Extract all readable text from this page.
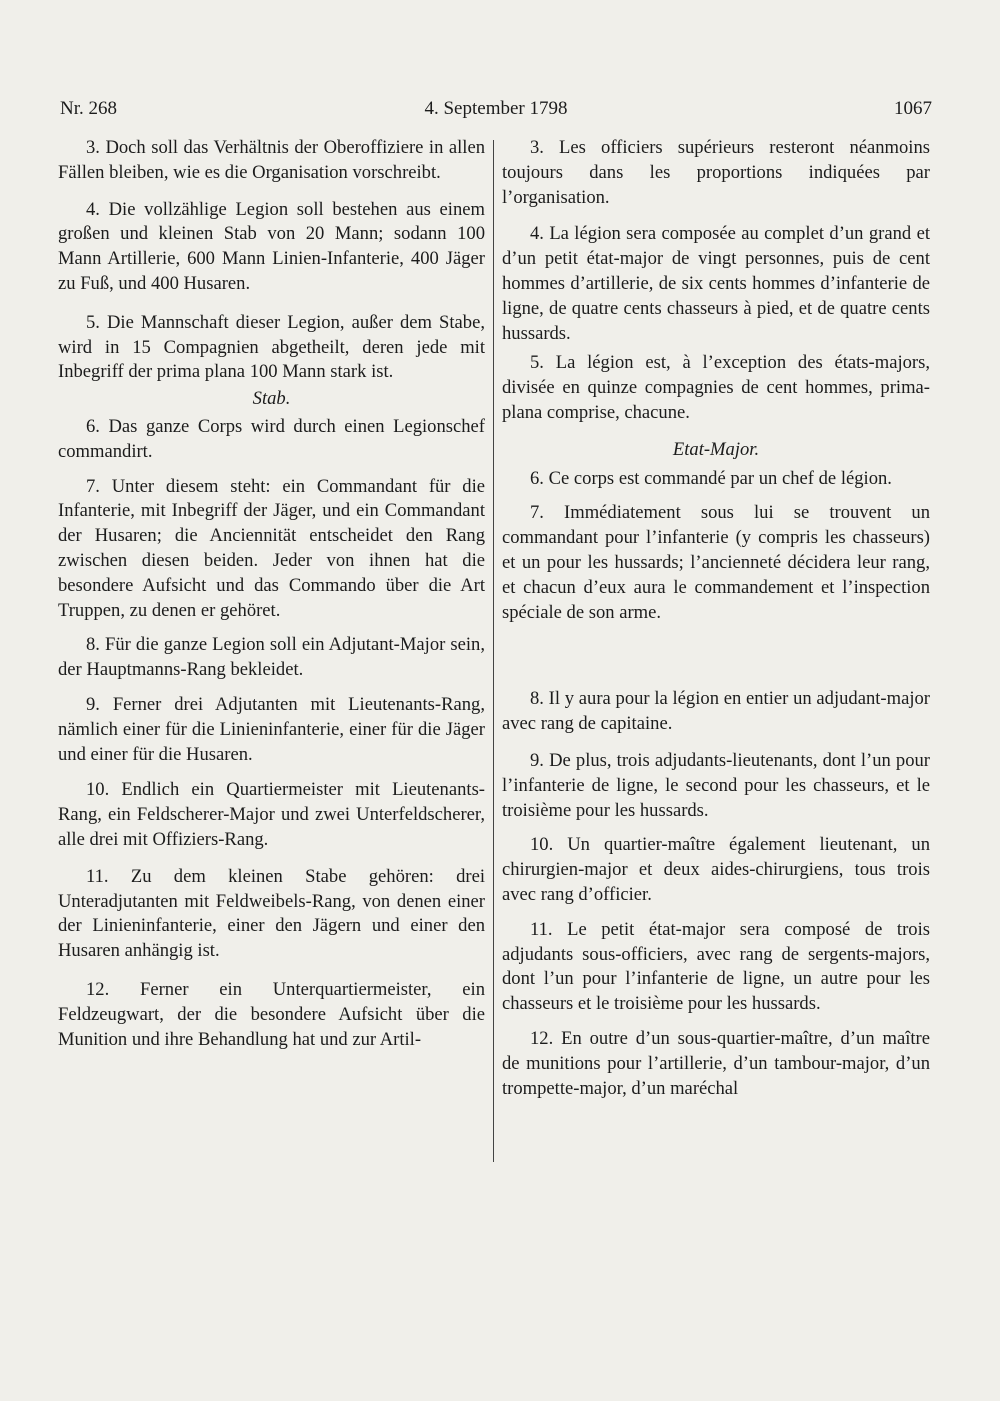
Nr. 268	4. September 1798	1067

3. Doch soll das Verhältnis der Oberoffiziere in allen Fällen bleiben, wie es die Organisation vorschreibt.

4. Die vollzählige Legion soll bestehen aus einem großen und kleinen Stab von 20 Mann; sodann 100 Mann Artillerie, 600 Mann Linien-Infanterie, 400 Jäger zu Fuß, und 400 Husaren.

5. Die Mannschaft dieser Legion, außer dem Stabe, wird in 15 Compagnien abgetheilt, deren jede mit Inbegriff der prima plana 100 Mann stark ist.

Stab.

6. Das ganze Corps wird durch einen Legionschef commandirt.

7. Unter diesem steht: ein Commandant für die Infanterie, mit Inbegriff der Jäger, und ein Commandant der Husaren; die Anciennität entscheidet den Rang zwischen diesen beiden. Jeder von ihnen hat die besondere Aufsicht und das Commando über die Art Truppen, zu denen er gehöret.

8. Für die ganze Legion soll ein Adjutant-Major sein, der Hauptmanns-Rang bekleidet.

9. Ferner drei Adjutanten mit Lieutenants-Rang, nämlich einer für die Linieninfanterie, einer für die Jäger und einer für die Husaren.

10. Endlich ein Quartiermeister mit Lieutenants-Rang, ein Feldscherer-Major und zwei Unterfeldscherer, alle drei mit Offiziers-Rang.

11. Zu dem kleinen Stabe gehören: drei Unteradjutanten mit Feldweibels-Rang, von denen einer der Linieninfanterie, einer den Jägern und einer den Husaren anhängig ist.

12. Ferner ein Unterquartiermeister, ein Feldzeugwart, der die besondere Aufsicht über die Munition und ihre Behandlung hat und zur Artil-

3. Les officiers supérieurs resteront néanmoins toujours dans les proportions indiquées par l’organisation.

4. La légion sera composée au complet d’un grand et d’un petit état-major de vingt personnes, puis de cent hommes d’artillerie, de six cents hommes d’infanterie de ligne, de quatre cents chasseurs à pied, et de quatre cents hussards.

5. La légion est, à l’exception des états-majors, divisée en quinze compagnies de cent hommes, prima-plana comprise, chacune.

Etat-Major.

6. Ce corps est commandé par un chef de légion.

7. Immédiatement sous lui se trouvent un commandant pour l’infanterie (y compris les chasseurs) et un pour les hussards; l’ancienneté décidera leur rang, et chacun d’eux aura le commandement et l’inspection spéciale de son arme.

8. Il y aura pour la légion en entier un adjudant-major avec rang de capitaine.

9. De plus, trois adjudants-lieutenants, dont l’un pour l’infanterie de ligne, le second pour les chasseurs, et le troisième pour les hussards.

10. Un quartier-maître également lieutenant, un chirurgien-major et deux aides-chirurgiens, tous trois avec rang d’officier.

11. Le petit état-major sera composé de trois adjudants sous-officiers, avec rang de sergents-majors, dont l’un pour l’infanterie de ligne, un autre pour les chasseurs et le troisième pour les hussards.

12. En outre d’un sous-quartier-maître, d’un maître de munitions pour l’artillerie, d’un tambour-major, d’un trompette-major, d’un maréchal
